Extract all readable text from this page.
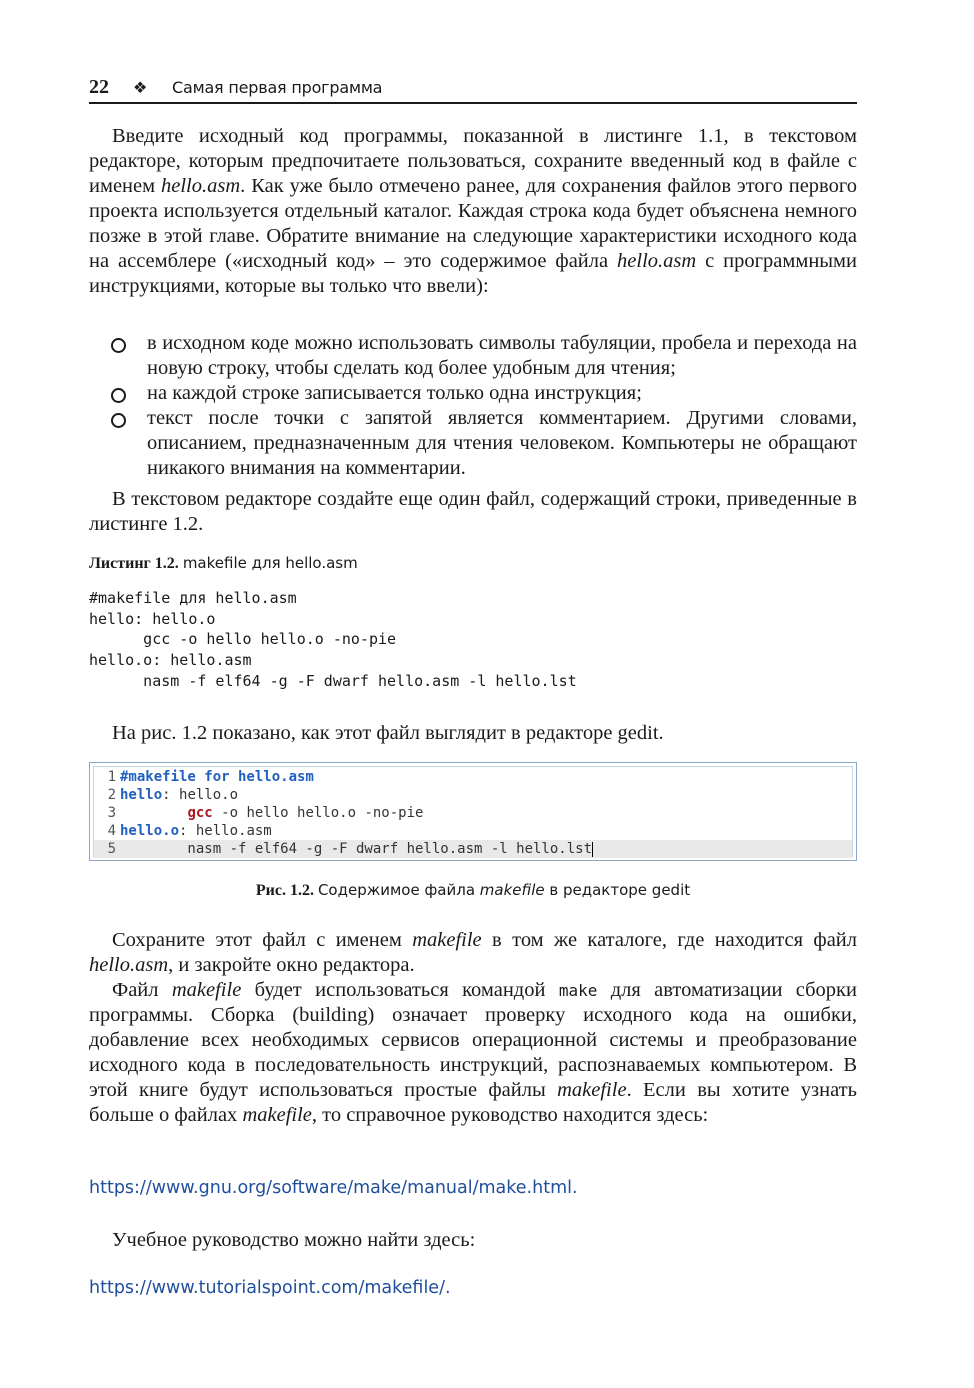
22 ❖ Самая первая программа

Введите исходный код программы, показанной в листинге 1.1, в текстовом редакторе, которым предпочитаете пользоваться, сохраните введенный код в файле с именем hello.asm. Как уже было отмечено ранее, для сохранения файлов этого первого проекта используется отдельный каталог. Каждая строка кода будет объяснена немного позже в этой главе. Обратите внимание на следующие характеристики исходного кода на ассемблере («исходный код» – это содержимое файла hello.asm с программными инструкциями, которые вы только что ввели):

в исходном коде можно использовать символы табуляции, пробела и перехода на новую строку, чтобы сделать код более удобным для чтения;
на каждой строке записывается только одна инструкция;
текст после точки с запятой является комментарием. Другими словами, описанием, предназначенным для чтения человеком. Компьютеры не обращают никакого внимания на комментарии.

В текстовом редакторе создайте еще один файл, содержащий строки, приведенные в листинге 1.2.

Листинг 1.2. makefile для hello.asm
#makefile для hello.asm
hello: hello.o
gcc -o hello hello.o -no-pie
hello.o: hello.asm
nasm -f elf64 -g -F dwarf hello.asm -l hello.lst

На рис. 1.2 показано, как этот файл выглядит в редакторе gedit.

1 #makefile for hello.asm
2 hello: hello.o
3	gcc -o hello hello.o -no-pie
4 hello.o: hello.asm
5        nasm -f elf64 -g -F dwarf hello.asm -l hello.lst
Рис. 1.2. Содержимое файла makefile в редакторе gedit

Сохраните этот файл с именем makefile в том же каталоге, где находится файл hello.asm, и закройте окно редактора.

Файл makefile будет использоваться командой make для автоматизации сборки программы. Сборка (building) означает проверку исходного кода на ошибки, добавление всех необходимых сервисов операционной системы и преобразование исходного кода в последовательность инструкций, распознаваемых компьютером. В этой книге будут использоваться простые файлы makefile. Если вы хотите узнать больше о файлах makefile, то справочное руководство находится здесь:

https://www.gnu.org/software/make/manual/make.html.

Учебное руководство можно найти здесь:

https://www.tutorialspoint.com/makefile/.
